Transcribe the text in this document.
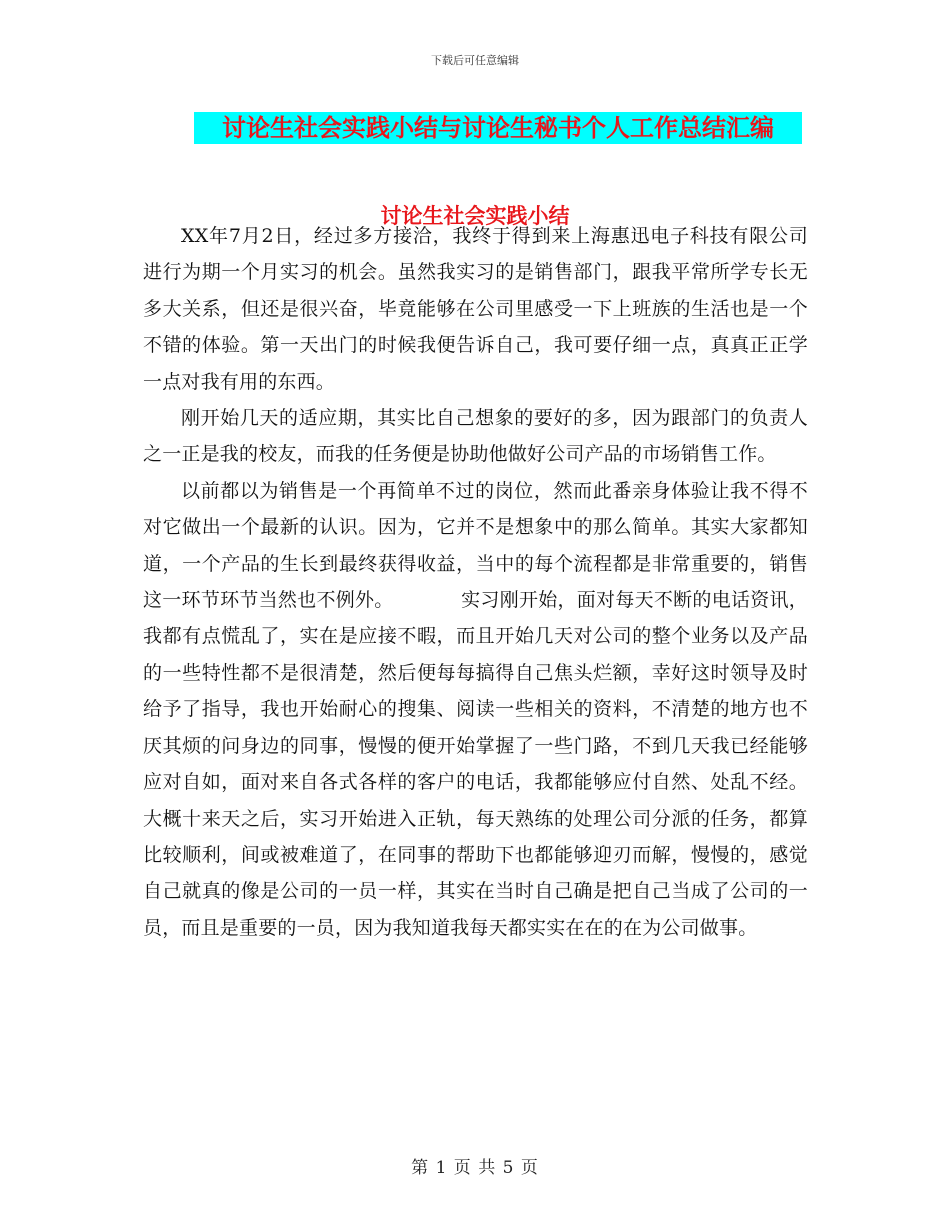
下载后可任意编辑
讨论生社会实践小结与讨论生秘书个人工作总结汇编
讨论生社会实践小结

XX年7月2日，经过多方接洽，我终于得到来上海惠迅电子科技有限公司进行为期一个月实习的机会。虽然我实习的是销售部门，跟我平常所学专长无多大关系，但还是很兴奋，毕竟能够在公司里感受一下上班族的生活也是一个不错的体验。第一天出门的时候我便告诉自己，我可要仔细一点，真真正正学一点对我有用的东西。

刚开始几天的适应期，其实比自己想象的要好的多，因为跟部门的负责人之一正是我的校友，而我的任务便是协助他做好公司产品的市场销售工作。

以前都以为销售是一个再简单不过的岗位，然而此番亲身体验让我不得不对它做出一个最新的认识。因为，它并不是想象中的那么简单。其实大家都知道，一个产品的生长到最终获得收益，当中的每个流程都是非常重要的，销售这一环节环节当然也不例外。　　　　实习刚开始，面对每天不断的电话资讯，我都有点慌乱了，实在是应接不暇，而且开始几天对公司的整个业务以及产品的一些特性都不是很清楚，然后便每每搞得自己焦头烂额，幸好这时领导及时给予了指导，我也开始耐心的搜集、阅读一些相关的资料，不清楚的地方也不厌其烦的问身边的同事，慢慢的便开始掌握了一些门路，不到几天我已经能够应对自如，面对来自各式各样的客户的电话，我都能够应付自然、处乱不经。大概十来天之后，实习开始进入正轨，每天熟练的处理公司分派的任务，都算比较顺利，间或被难道了，在同事的帮助下也都能够迎刃而解，慢慢的，感觉自己就真的像是公司的一员一样，其实在当时自己确是把自己当成了公司的一员，而且是重要的一员，因为我知道我每天都实实在在的在为公司做事。

第 1 页 共 5 页
